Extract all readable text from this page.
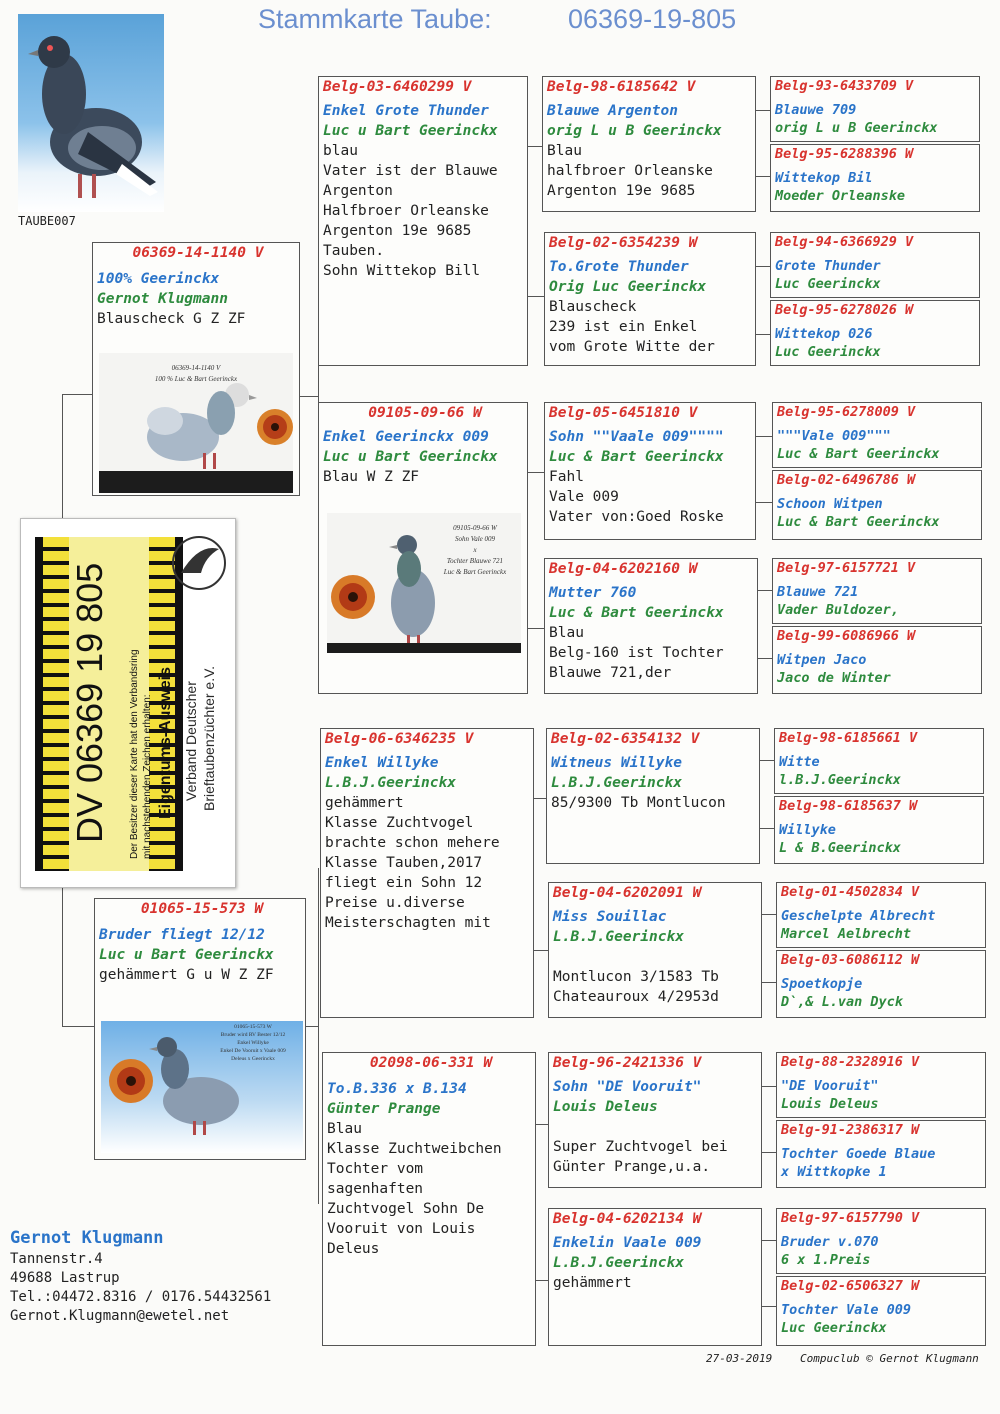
Stammkarte Taube:	06369-19-805
TAUBE007
06369-14-1140 V
100% Geerinckx
Gernot Klugmann
Blauscheck G Z ZF
06369-14-1140 V
100 % Luc & Bart Geerinckx
01065-15-573 W
Bruder fliegt 12/12
Luc u Bart Geerinckx
gehämmert G u W Z ZF
01065-15-573 W
Bruder wird RV Bester 12/12
Enkel Willyke
Enkel De Vooruit x Vaale 009
Deleus x Geerinckx
DV 06369 19 805 Der Besitzer dieser Karte hat den Verbandsring mit nachstehenden Zeichen erhalten: Eigentums-Ausweis Verband Deutscher Brieftaubenzüchter e.V.
Belg-03-6460299 V
Enkel Grote Thunder
Luc u Bart Geerinckx
blau
Vater ist der Blauwe
Argenton
Halfbroer Orleanske
Argenton 19e 9685
Tauben.
Sohn Wittekop Bill
09105-09-66 W
Enkel Geerinckx 009
Luc u Bart Geerinckx
Blau W Z ZF
09105-09-66 W
Sohn Vale 009
x
Tochter Blauwe 721
Luc & Bart Geerinckx
Belg-06-6346235 V
Enkel Willyke
L.B.J.Geerinckx
gehämmert
Klasse Zuchtvogel
brachte schon mehere
Klasse Tauben,2017
fliegt ein Sohn 12
Preise u.diverse
Meisterschagten mit
02098-06-331 W
To.B.336 x B.134
Günter Prange
Blau
Klasse Zuchtweibchen
Tochter vom
sagenhaften
Zuchtvogel Sohn De
Vooruit von Louis
Deleus
Belg-98-6185642 V
Blauwe Argenton
orig L u B Geerinckx
Blau
halfbroer Orleanske
Argenton 19e 9685
Belg-02-6354239 W
To.Grote Thunder
Orig Luc Geerinckx
Blauscheck
239 ist ein Enkel
vom Grote Witte der
Belg-05-6451810 V
Sohn ""Vaale 009""""
Luc & Bart Geerinckx
Fahl
Vale 009
Vater von:Goed Roske
Belg-04-6202160 W
Mutter 760
Luc & Bart Geerinckx
Blau
Belg-160 ist Tochter
Blauwe 721,der
Belg-02-6354132 V
Witneus Willyke
L.B.J.Geerinckx
85/9300 Tb Montlucon
Belg-04-6202091 W
Miss Souillac
L.B.J.Geerinckx
Montlucon 3/1583 Tb
Chateauroux 4/2953d
Belg-96-2421336 V
Sohn "DE Vooruit"
Louis Deleus
Super Zuchtvogel bei
Günter Prange,u.a.
Belg-04-6202134 W
Enkelin Vaale 009
L.B.J.Geerinckx
gehämmert
Belg-93-6433709 V
Blauwe 709
orig L u B Geerinckx
Belg-95-6288396 W
Wittekop Bil
Moeder Orleanske
Belg-94-6366929 V
Grote Thunder
Luc Geerinckx
Belg-95-6278026 W
Wittekop 026
Luc Geerinckx
Belg-95-6278009 V
"""Vale 009"""
Luc & Bart Geerinckx
Belg-02-6496786 W
Schoon Witpen
Luc & Bart Geerinckx
Belg-97-6157721 V
Blauwe 721
Vader Buldozer,
Belg-99-6086966 W
Witpen Jaco
Jaco de Winter
Belg-98-6185661 V
Witte
l.B.J.Geerinckx
Belg-98-6185637 W
Willyke
L & B.Geerinckx
Belg-01-4502834 V
Geschelpte Albrecht
Marcel Aelbrecht
Belg-03-6086112 W
Spoetkopje
D`,& L.van Dyck
Belg-88-2328916 V
"DE Vooruit"
Louis Deleus
Belg-91-2386317 W
Tochter Goede Blaue
x Wittkopke 1
Belg-97-6157790 V
Bruder v.070
6 x 1.Preis
Belg-02-6506327 W
Tochter Vale 009
Luc Geerinckx
Gernot Klugmann
Tannenstr.4
49688 Lastrup
Tel.:04472.8316 / 0176.54432561
Gernot.Klugmann@ewetel.net
27-03-2019	Compuclub © Gernot Klugmann
